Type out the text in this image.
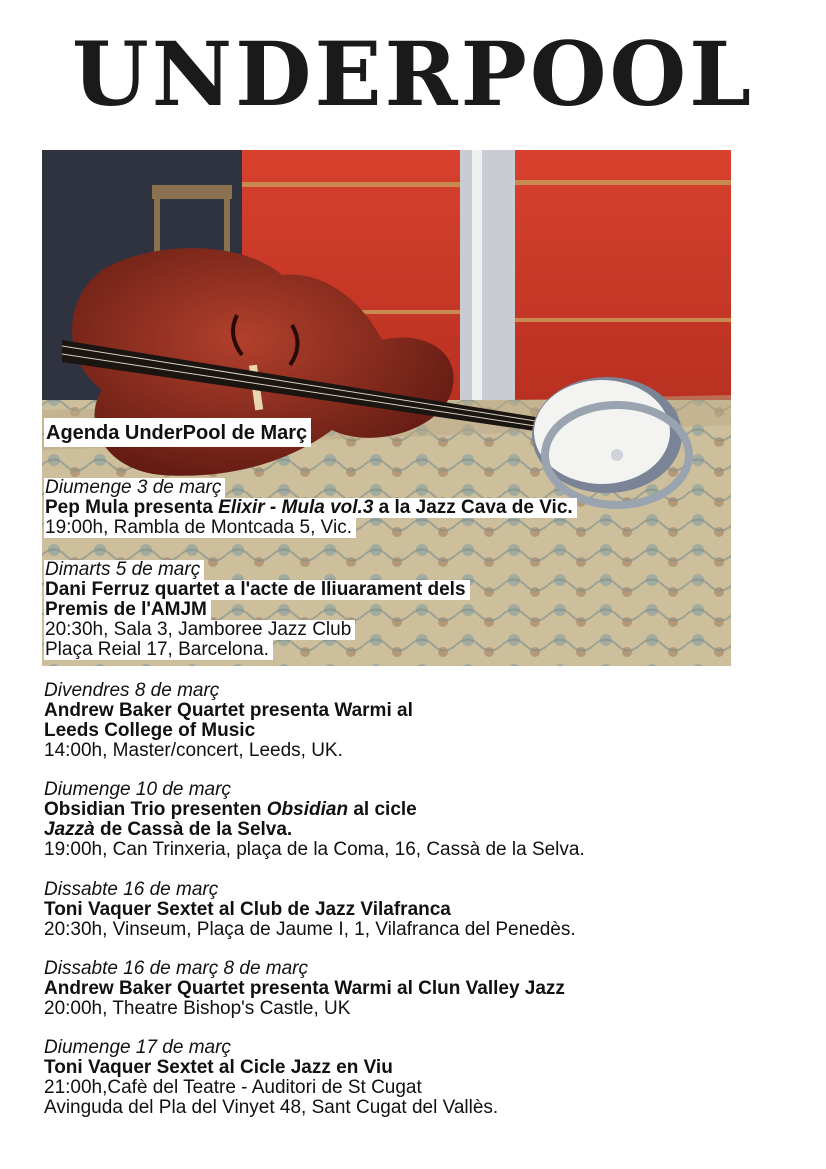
UNDERPOOL
Agenda UnderPool de Març
Diumenge 3 de març
Pep Mula presenta Elixir - Mula vol.3 a la Jazz Cava de Vic.
19:00h, Rambla de Montcada 5, Vic.
Dimarts 5 de març
Dani Ferruz quartet a l'acte de lliuarament dels
Premis de l'AMJM
20:30h, Sala 3, Jamboree Jazz Club
Plaça Reial 17, Barcelona.
Divendres 8 de març
Andrew Baker Quartet presenta Warmi al
Leeds College of Music
14:00h, Master/concert, Leeds, UK.
Diumenge 10 de març
Obsidian Trio presenten Obsidian al cicle
Jazzà de Cassà de la Selva.
19:00h, Can Trinxeria, plaça de la Coma, 16, Cassà de la Selva.
Dissabte 16 de març
Toni Vaquer Sextet al Club de Jazz Vilafranca
20:30h, Vinseum, Plaça de Jaume I, 1, Vilafranca del Penedès.
Dissabte 16 de març 8 de març
Andrew Baker Quartet presenta Warmi al Clun Valley Jazz
20:00h, Theatre Bishop's Castle, UK
Diumenge 17 de març
Toni Vaquer Sextet al Cicle Jazz en Viu
21:00h,Cafè del Teatre - Auditori de St Cugat
Avinguda del Pla del Vinyet 48, Sant Cugat del Vallès.
